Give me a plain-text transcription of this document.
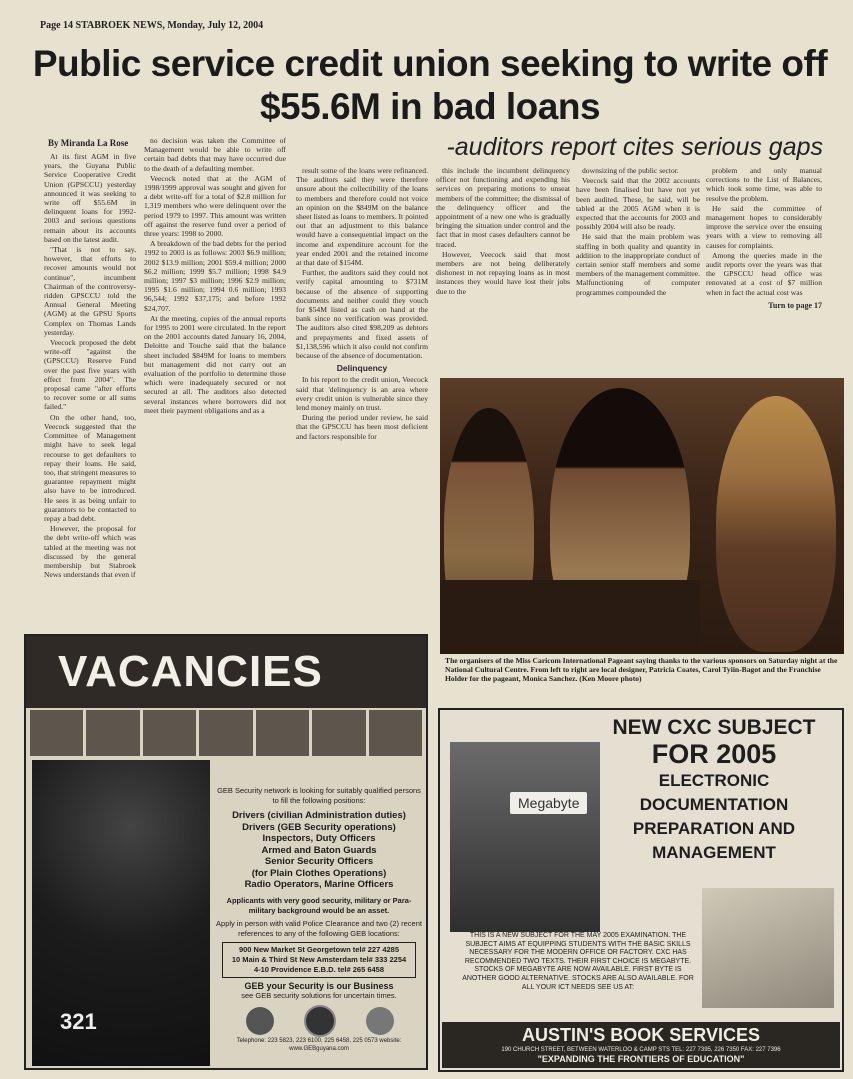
Page 14 STABROEK NEWS, Monday, July 12, 2004
Public service credit union seeking to write off $55.6M in bad loans
-auditors report cites serious gaps
By Miranda La Rose

At its first AGM in five years, the Guyana Public Service Cooperative Credit Union (GPSCCU) yesterday announced it was seeking to write off $55.6M in delinquent loans for 1992-2003 and serious questions remain about its accounts based on the latest audit.

"That is not to say, however, that efforts to recover amounts would not continue", incumbent Chairman of the controversy-ridden GPSCCU told the Annual General Meeting (AGM) at the GPSU Sports Complex on Thomas Lands yesterday.

Veecock proposed the debt write-off "against the (GPSCCU) Reserve Fund over the past five years with effect from 2004". The proposal came "after efforts to recover some or all sums failed."

On the other hand, too, Veecock suggested that the Committee of Management might have to seek legal recourse to get defaulters to repay their loans. He said, too, that stringent measures to guarantee repayment might also have to be introduced. He sees it as being unfair to guarantors to be contacted to repay a bad debt.

However, the proposal for the debt write-off which was tabled at the meeting was not discussed by the general membership but Stabroek News understands that even if

no decision was taken the Committee of Management would be able to write off certain bad debts that may have occurred due to the death of a defaulting member.

Veecock noted that at the AGM of 1998/1999 approval was sought and given for a debt write-off for a total of $2.8 million for 1,319 members who were delinquent over the period 1979 to 1997. This amount was written off against the reserve fund over a period of three years: 1998 to 2000.

A breakdown of the bad debts for the period 1992 to 2003 is as follows: 2003 $6.9 million; 2002 $13.9 million; 2001 $59.4 million; 2000 $6.2 million; 1999 $5.7 million; 1998 $4.9 million; 1997 $3 million; 1996 $2.9 million; 1995 $1.6 million; 1994 0.6 million; 1993 96,544; 1992 $37,175; and before 1992 $24,707.

At the meeting, copies of the annual reports for 1995 to 2001 were circulated. In the report on the 2001 accounts dated January 16, 2004, Deloitte and Touche said that the balance sheet included $849M for loans to members but management did not carry out an evaluation of the portfolio to determine those which were inadequately secured or not secured at all. The auditors also detected several instances where borrowers did not meet their payment obligations and as a

result some of the loans were refinanced. The auditors said they were therefore unsure about the collectibility of the loans to members and therefore could not voice an opinion on the $849M on the balance sheet listed as loans to members. It pointed out that an adjustment to this balance would have a consequential impact on the income and expenditure account for the year ended 2001 and the retained income at that date of $154M.

Further, the auditors said they could not verify capital amounting to $731M because of the absence of supporting documents and neither could they vouch for $54M listed as cash on hand at the bank since no verification was provided. The auditors also cited $98,209 as debtors and prepayments and fixed assets of $1,138,596 which it also could not confirm because of the absence of documentation.

Delinquency

In his report to the credit union, Veecock said that 'delinquency is an area where every credit union is vulnerable since they lend money mainly on trust.

During the period under review, he said that the GPSCCU has been most deficient and factors responsible for

this include the incumbent delinquency officer not functioning and expending his services on preparing motions to unseat members of the committee; the dismissal of the delinquency officer and the appointment of a new one who is gradually bringing the situation under control and the fact that in most cases defaulters cannot be traced.

However, Veecock said that most members are not being deliberately dishonest in not repaying loans as in most instances they would have lost their jobs due to the

downsizing of the public sector.

Veecock said that the 2002 accounts have been finalised but have not yet been audited. These, he said, will be tabled at the 2005 AGM when it is expected that the accounts for 2003 and possibly 2004 will also be ready.

He said that the main problem was staffing in both quality and quantity in addition to the inappropriate conduct of certain senior staff members and some members of the management committee. Malfunctioning of computer programmes compounded the

problem and only manual corrections to the List of Balances, which took some time, was able to resolve the problem.

He said the committee of management hopes to considerably improve the service over the ensuing years with a view to removing all causes for complaints.

Among the queries made in the audit reports over the years was that the GPSCCU head office was renovated at a cost of $7 million when in fact the actual cost was

Turn to page 17
The organisers of the Miss Caricom International Pageant saying thanks to the various sponsors on Saturday night at the National Cultural Centre. From left to right are local designer, Patricia Coates, Carol Tyiin-Bagot and the Franchise Holder for the pageant, Monica Sanchez. (Ken Moore photo)
VACANCIES
321
GEB Security network is looking for suitably qualified persons to fill the following positions:
Drivers (civilian Administration duties)
Drivers (GEB Security operations)
Inspectors, Duty Officers
Armed and Baton Guards
Senior Security Officers
(for Plain Clothes Operations)
Radio Operators, Marine Officers
Applicants with very good security, military or Para-military background would be an asset.
Apply in person with valid Police Clearance and two (2) recent references to any of the following GEB locations:
900 New Market St Georgetown tel# 227 4285
10 Main & Third St New Amsterdam tel# 333 2254
4-10 Providence E.B.D. tel# 265 6458
GEB your Security is our Business
see GEB security solutions for uncertain times.
Telephone: 223 5823, 223 6100, 225 6458, 225 0573 website: www.GEBguyana.com
Megabyte
NEW CXC SUBJECT
FOR 2005
ELECTRONIC
DOCUMENTATION
PREPARATION AND
MANAGEMENT
THIS IS A NEW SUBJECT FOR THE MAY 2005 EXAMINATION. THE SUBJECT AIMS AT EQUIPPING STUDENTS WITH THE BASIC SKILLS NECESSARY FOR THE MODERN OFFICE OR FACTORY. CXC HAS RECOMMENDED TWO TEXTS. THEIR FIRST CHOICE IS MEGABYTE. STOCKS OF MEGABYTE ARE NOW AVAILABLE. FIRST BYTE IS ANOTHER GOOD ALTERNATIVE. STOCKS ARE ALSO AVAILABLE. FOR ALL YOUR ICT NEEDS SEE US AT:
AUSTIN'S BOOK SERVICES
190 CHURCH STREET, BETWEEN WATERLOO & CAMP STS TEL: 227 7395, 226 7350 FAX: 227 7396
"EXPANDING THE FRONTIERS OF EDUCATION"
